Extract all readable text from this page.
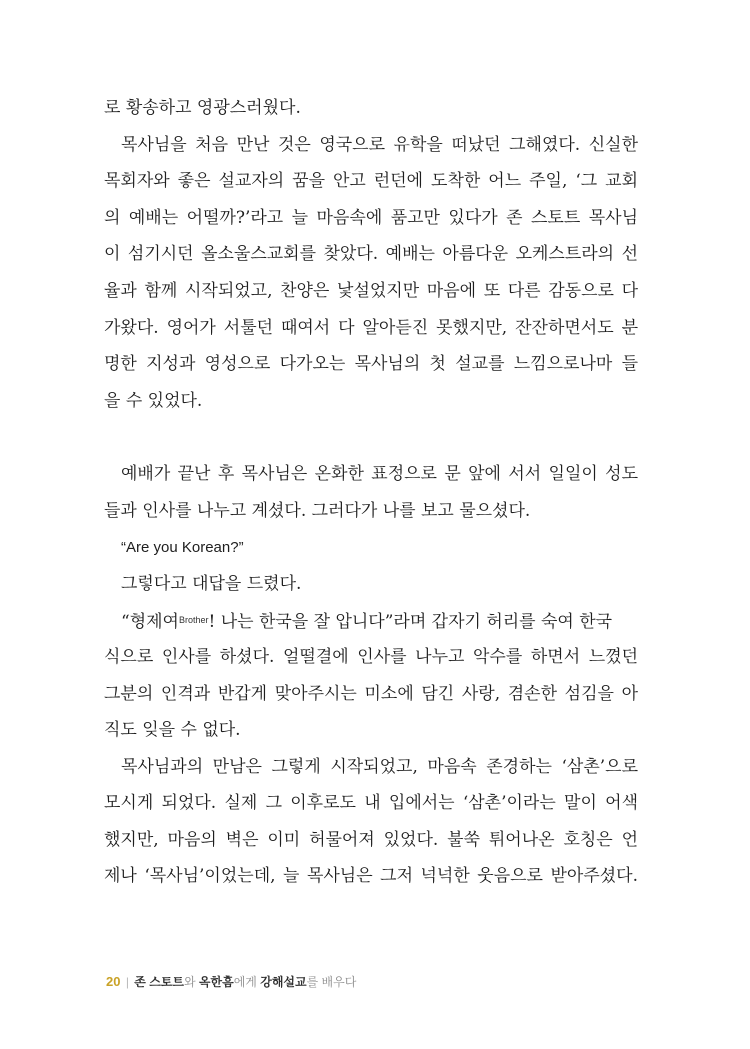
로 황송하고 영광스러웠다.
목사님을 처음 만난 것은 영국으로 유학을 떠났던 그해였다. 신실한
목회자와 좋은 설교자의 꿈을 안고 런던에 도착한 어느 주일, ‘그 교회
의 예배는 어떨까?’라고 늘 마음속에 품고만 있다가 존 스토트 목사님
이 섬기시던 올소울스교회를 찾았다. 예배는 아름다운 오케스트라의 선
율과 함께 시작되었고, 찬양은 낯설었지만 마음에 또 다른 감동으로 다
가왔다. 영어가 서툴던 때여서 다 알아듣진 못했지만, 잔잔하면서도 분
명한 지성과 영성으로 다가오는 목사님의 첫 설교를 느낌으로나마 들
을 수 있었다.
예배가 끝난 후 목사님은 온화한 표정으로 문 앞에 서서 일일이 성도
들과 인사를 나누고 계셨다. 그러다가 나를 보고 물으셨다.
“Are you Korean?”
그렇다고 대답을 드렸다.
“형제여$^{Brother}$! 나는 한국을 잘 압니다”라며 갑자기 허리를 숙여 한국
식으로 인사를 하셨다. 얼떨결에 인사를 나누고 악수를 하면서 느꼈던
그분의 인격과 반갑게 맞아주시는 미소에 담긴 사랑, 겸손한 섬김을 아
직도 잊을 수 없다.
목사님과의 만남은 그렇게 시작되었고, 마음속 존경하는 ‘삼촌’으로
모시게 되었다. 실제 그 이후로도 내 입에서는 ‘삼촌’이라는 말이 어색
했지만, 마음의 벽은 이미 허물어져 있었다. 불쑥 튀어나온 호칭은 언
제나 ‘목사님’이었는데, 늘 목사님은 그저 넉넉한 웃음으로 받아주셨다.
20 | 존 스토트와 옥한흠에게 강해설교를 배우다
